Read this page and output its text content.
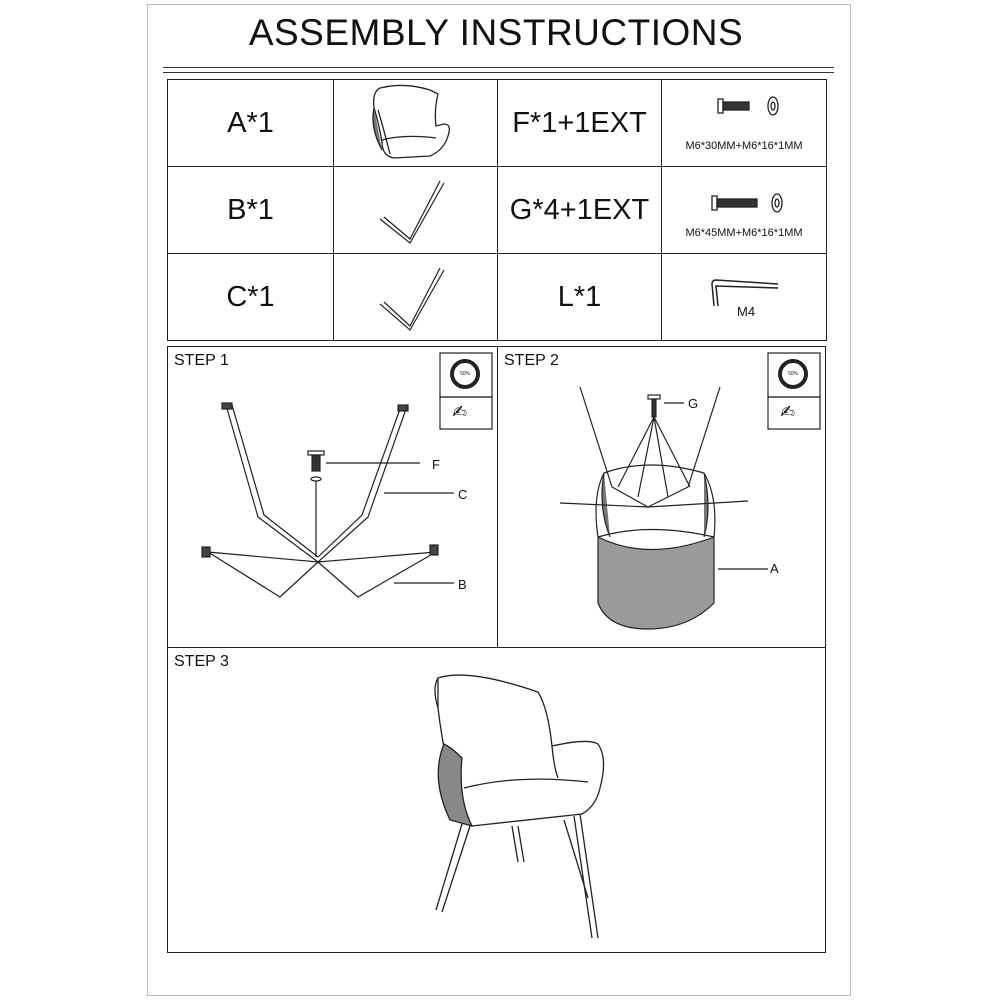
ASSEMBLY INSTRUCTIONS
A*1		F*1+1EXT	M6*30MM+M6*16*1MM

B*1		G*4+1EXT	M6*45MM+M6*16*1MM

C*1		L*1	M4
STEP 1
F
C
B
50%
✍
STEP 2
G
A
50%
✍
STEP 3
